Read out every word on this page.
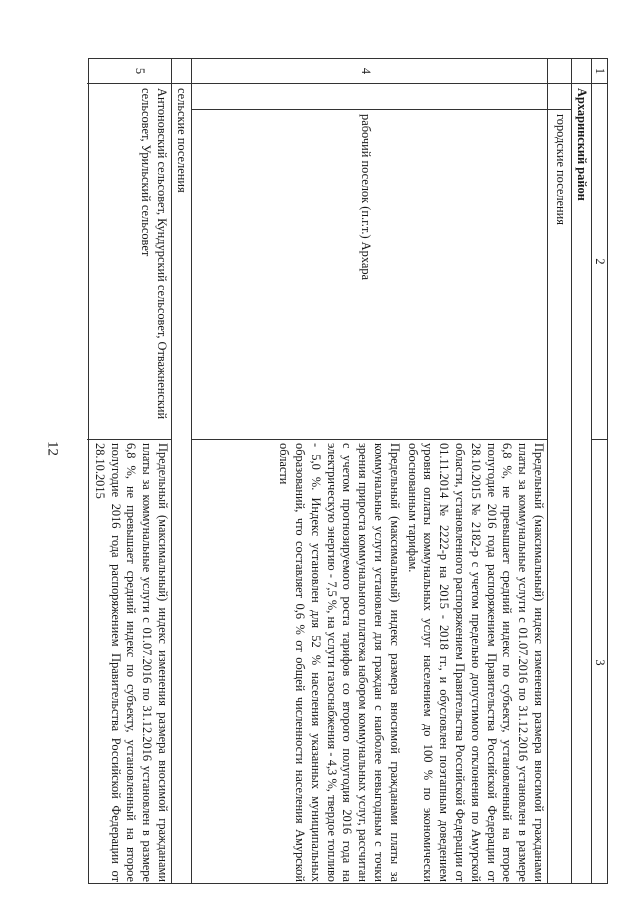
12
1
2
3
Архаринский район
городские поселения
4
рабочий поселок (п.г.т.) Архара
Предельный (максимальный) индекс изменения размера вносимой гражданами платы за коммунальные услуги с 01.07.2016 по 31.12.2016 установлен в размере 6,8 %, не превышает средний индекс по субъекту, установленный на второе полугодие 2016 года распоряжением Правительства Российской Федерации от 28.10.2015 № 2182-р с учетом предельно допустимого отклонения по Амурской области, установленного распоряжением Правительства Российской Федерации от 01.11.2014 № 2222-р на 2015 - 2018 гг., и обусловлен поэтапным доведением уровня оплаты коммунальных услуг населением до 100 % по экономически обоснованным тарифам.
Предельный (максимальный) индекс размера вносимой гражданами платы за коммунальные услуги установлен для граждан с наиболее невыгодным с точки зрения прироста коммунального платежа набором коммунальных услуг, рассчитан с учетом прогнозируемого роста тарифов со второго полугодия 2016 года на электрическую энергию - 7,5 %, на услуги газоснабжения - 4,3 %, твердое топливо - 5,0 %. Индекс установлен для 52 % населения указанных муниципальных образований, что составляет 0,6 % от общей численности населения Амурской области
сельские поселения
5
Антоновский сельсовет, Кундурский сельсовет, Отважненский сельсовет, Урильский сельсовет
Предельный (максимальный) индекс изменения размера вносимой гражданами платы за коммунальные услуги с 01.07.2016 по 31.12.2016 установлен в размере 6,8 %, не превышает средний индекс по субъекту, установленный на второе полугодие 2016 года распоряжением Правительства Российской Федерации от 28.10.2015
